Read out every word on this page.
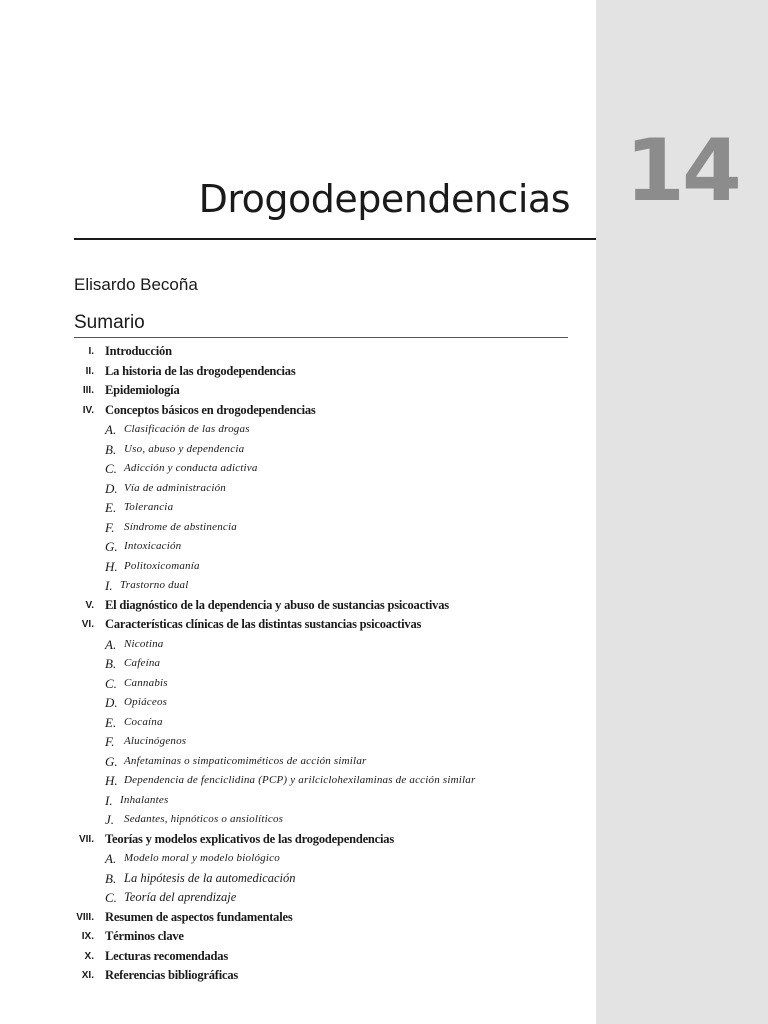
14
Drogodependencias
Elisardo Becoña
Sumario
I. Introducción
II. La historia de las drogodependencias
III. Epidemiología
IV. Conceptos básicos en drogodependencias
A. Clasificación de las drogas
B. Uso, abuso y dependencia
C. Adicción y conducta adictiva
D. Vía de administración
E. Tolerancia
F. Síndrome de abstinencia
G. Intoxicación
H. Politoxicomanía
I. Trastorno dual
V. El diagnóstico de la dependencia y abuso de sustancias psicoactivas
VI. Características clínicas de las distintas sustancias psicoactivas
A. Nicotina
B. Cafeína
C. Cannabis
D. Opiáceos
E. Cocaína
F. Alucinógenos
G. Anfetaminas o simpaticomiméticos de acción similar
H. Dependencia de fenciclidina (PCP) y arilciclohexilaminas de acción similar
I. Inhalantes
J. Sedantes, hipnóticos o ansiolíticos
VII. Teorías y modelos explicativos de las drogodependencias
A. Modelo moral y modelo biológico
B. La hipótesis de la automedicación
C. Teoría del aprendizaje
VIII. Resumen de aspectos fundamentales
IX. Términos clave
X. Lecturas recomendadas
XI. Referencias bibliográficas
